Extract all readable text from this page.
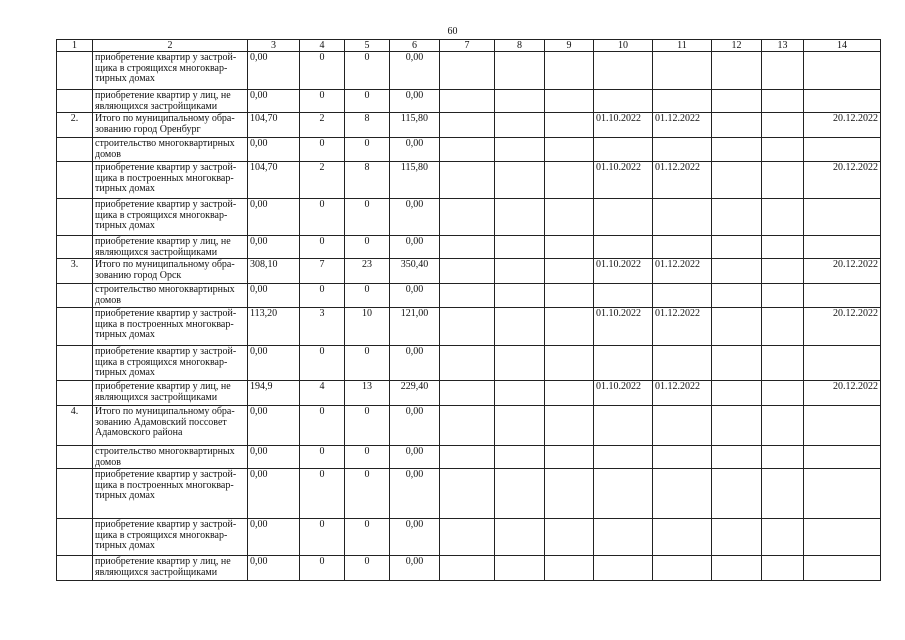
60
1	2	3	4	5	6	7	8	9	10	11	12	13	14
	приобретение квартир у застрой-щика в строящихся многоквар-тирных домах	0,00	0	0	0,00								
	приобретение квартир у лиц, не являющихся застройщиками	0,00	0	0	0,00								
2.	Итого по муниципальному обра-зованию город Оренбург	104,70	2	8	115,80				01.10.2022	01.12.2022			20.12.2022
	строительство многоквартирных домов	0,00	0	0	0,00								
	приобретение квартир у застрой-щика в построенных многоквар-тирных домах	104,70	2	8	115,80				01.10.2022	01.12.2022			20.12.2022
	приобретение квартир у застрой-щика в строящихся многоквар-тирных домах	0,00	0	0	0,00								
	приобретение квартир у лиц, не являющихся застройщиками	0,00	0	0	0,00								
3.	Итого по муниципальному обра-зованию город Орск	308,10	7	23	350,40				01.10.2022	01.12.2022			20.12.2022
	строительство многоквартирных домов	0,00	0	0	0,00								
	приобретение квартир у застрой-щика в построенных многоквар-тирных домах	113,20	3	10	121,00				01.10.2022	01.12.2022			20.12.2022
	приобретение квартир у застрой-щика в строящихся многоквар-тирных домах	0,00	0	0	0,00								
	приобретение квартир у лиц, не являющихся застройщиками	194,9	4	13	229,40				01.10.2022	01.12.2022			20.12.2022
4.	Итого по муниципальному обра-зованию Адамовский поссовет Адамовского района	0,00	0	0	0,00								
	строительство многоквартирных домов	0,00	0	0	0,00								
	приобретение квартир у застрой-щика в построенных многоквар-тирных домах	0,00	0	0	0,00								
	приобретение квартир у застрой-щика в строящихся многоквар-тирных домах	0,00	0	0	0,00								
	приобретение квартир у лиц, не являющихся застройщиками	0,00	0	0	0,00								
